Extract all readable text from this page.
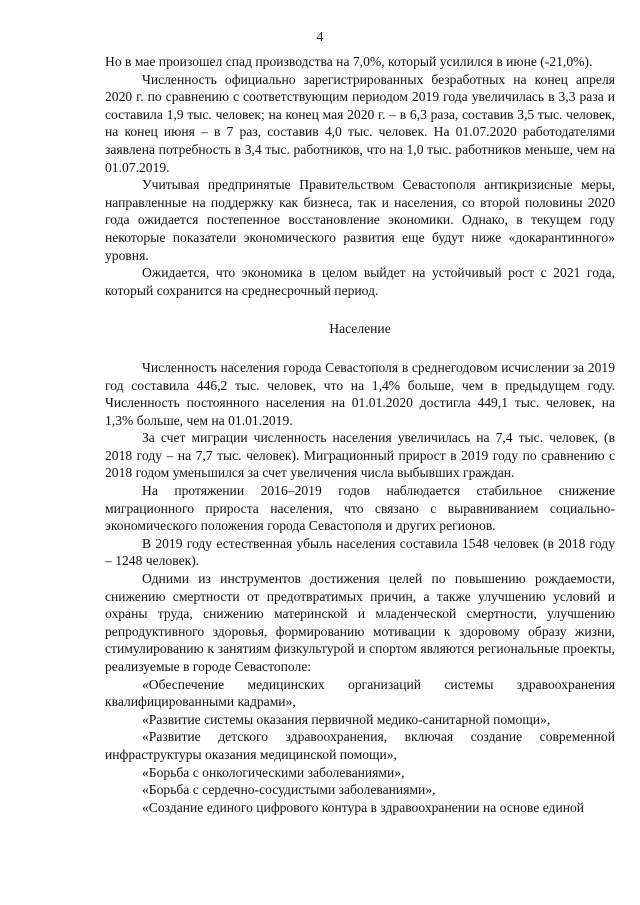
4

Но в мае произошел спад производства на 7,0%, который усилился в июне (-21,0%).

Численность официально зарегистрированных безработных на конец апреля 2020 г. по сравнению с соответствующим периодом 2019 года увеличилась в 3,3 раза и составила 1,9 тыс. человек; на конец мая 2020 г. – в 6,3 раза, составив 3,5 тыс. человек, на конец июня – в 7 раз, составив 4,0 тыс. человек. На 01.07.2020 работодателями заявлена потребность в 3,4 тыс. работников, что на 1,0 тыс. работников меньше, чем на 01.07.2019.

Учитывая предпринятые Правительством Севастополя антикризисные меры, направленные на поддержку как бизнеса, так и населения, со второй половины 2020 года ожидается постепенное восстановление экономики. Однако, в текущем году некоторые показатели экономического развития еще будут ниже «докарантинного» уровня.

Ожидается, что экономика в целом выйдет на устойчивый рост с 2021 года, который сохранится на среднесрочный период.

Население

Численность населения города Севастополя в среднегодовом исчислении за 2019 год составила 446,2 тыс. человек, что на 1,4% больше, чем в предыдущем году. Численность постоянного населения на 01.01.2020 достигла 449,1 тыс. человек, на 1,3% больше, чем на 01.01.2019.

За счет миграции численность населения увеличилась на 7,4 тыс. человек, (в 2018 году – на 7,7 тыс. человек). Миграционный прирост в 2019 году по сравнению с 2018 годом уменьшился за счет увеличения числа выбывших граждан.

На протяжении 2016–2019 годов наблюдается стабильное снижение миграционного прироста населения, что связано с выравниванием социально-экономического положения города Севастополя и других регионов.

В 2019 году естественная убыль населения составила 1548 человек (в 2018 году – 1248 человек).

Одними из инструментов достижения целей по повышению рождаемости, снижению смертности от предотвратимых причин, а также улучшению условий и охраны труда, снижению материнской и младенческой смертности, улучшению репродуктивного здоровья, формированию мотивации к здоровому образу жизни, стимулированию к занятиям физкультурой и спортом являются региональные проекты, реализуемые в городе Севастополе:

«Обеспечение медицинских организаций системы здравоохранения квалифицированными кадрами»,

«Развитие системы оказания первичной медико-санитарной помощи»,

«Развитие детского здравоохранения, включая создание современной инфраструктуры оказания медицинской помощи»,

«Борьба с онкологическими заболеваниями»,

«Борьба с сердечно-сосудистыми заболеваниями»,

«Создание единого цифрового контура в здравоохранении на основе единой
